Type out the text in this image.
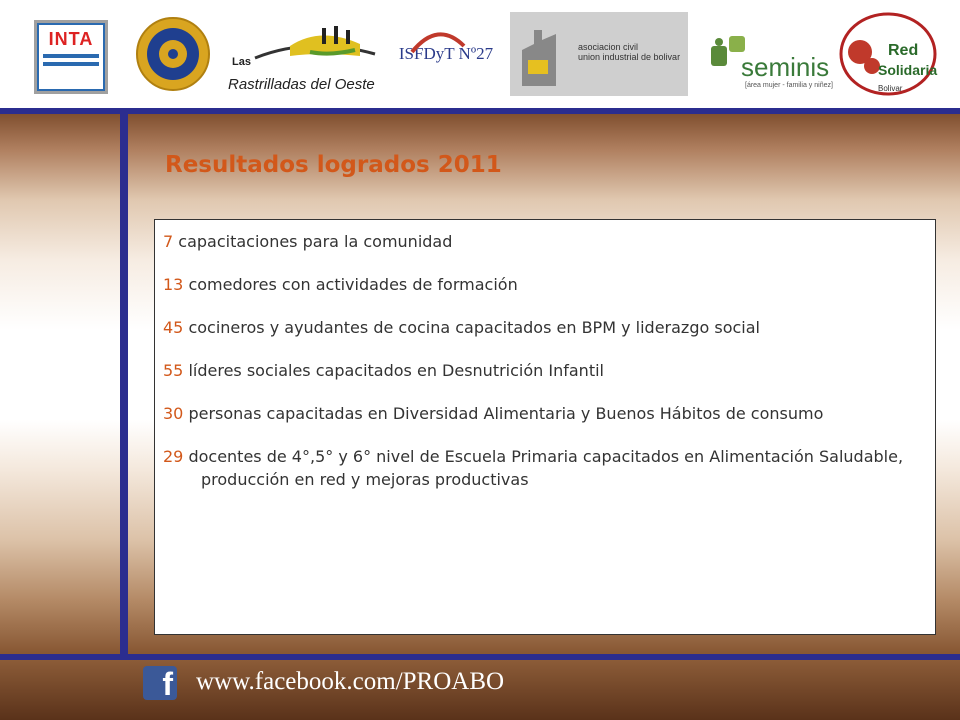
INTA
Las
Rastrilladas del Oeste
ISFDyT Nº27	asociacion civil
union industrial de bolivar seminis
[área mujer - familia y niñez]
Red
Solidaria
Bolivar
Resultados logrados 2011
7 capacitaciones para la comunidad
13 comedores con actividades de formación
45 cocineros y ayudantes de cocina capacitados en BPM y liderazgo social
55 líderes sociales capacitados en Desnutrición Infantil
30 personas capacitadas en Diversidad Alimentaria y Buenos Hábitos de consumo
29 docentes de 4°,5° y 6° nivel de Escuela Primaria capacitados en Alimentación Saludable, producción en red y mejoras productivas
f www.facebook.com/PROABO
